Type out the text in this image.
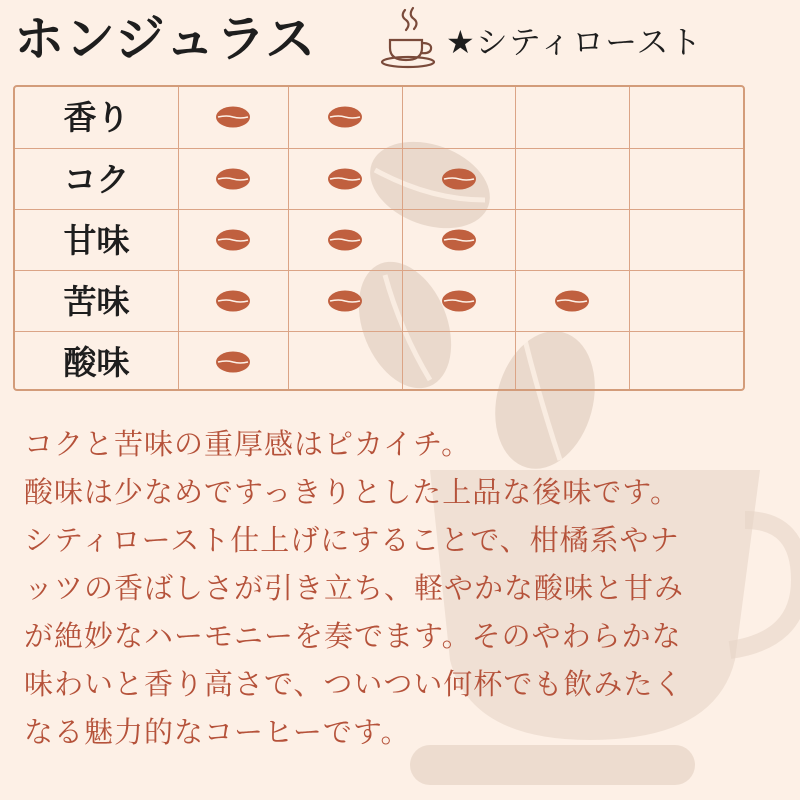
ホンジュラス	★シティロースト
香り
コク
甘味
苦味
酸味
コクと苦味の重厚感はピカイチ。
酸味は少なめですっきりとした上品な後味です。
シティロースト仕上げにすることで、柑橘系やナ
ッツの香ばしさが引き立ち、軽やかな酸味と甘み
が絶妙なハーモニーを奏でます。そのやわらかな
味わいと香り高さで、ついつい何杯でも飲みたく
なる魅力的なコーヒーです。
